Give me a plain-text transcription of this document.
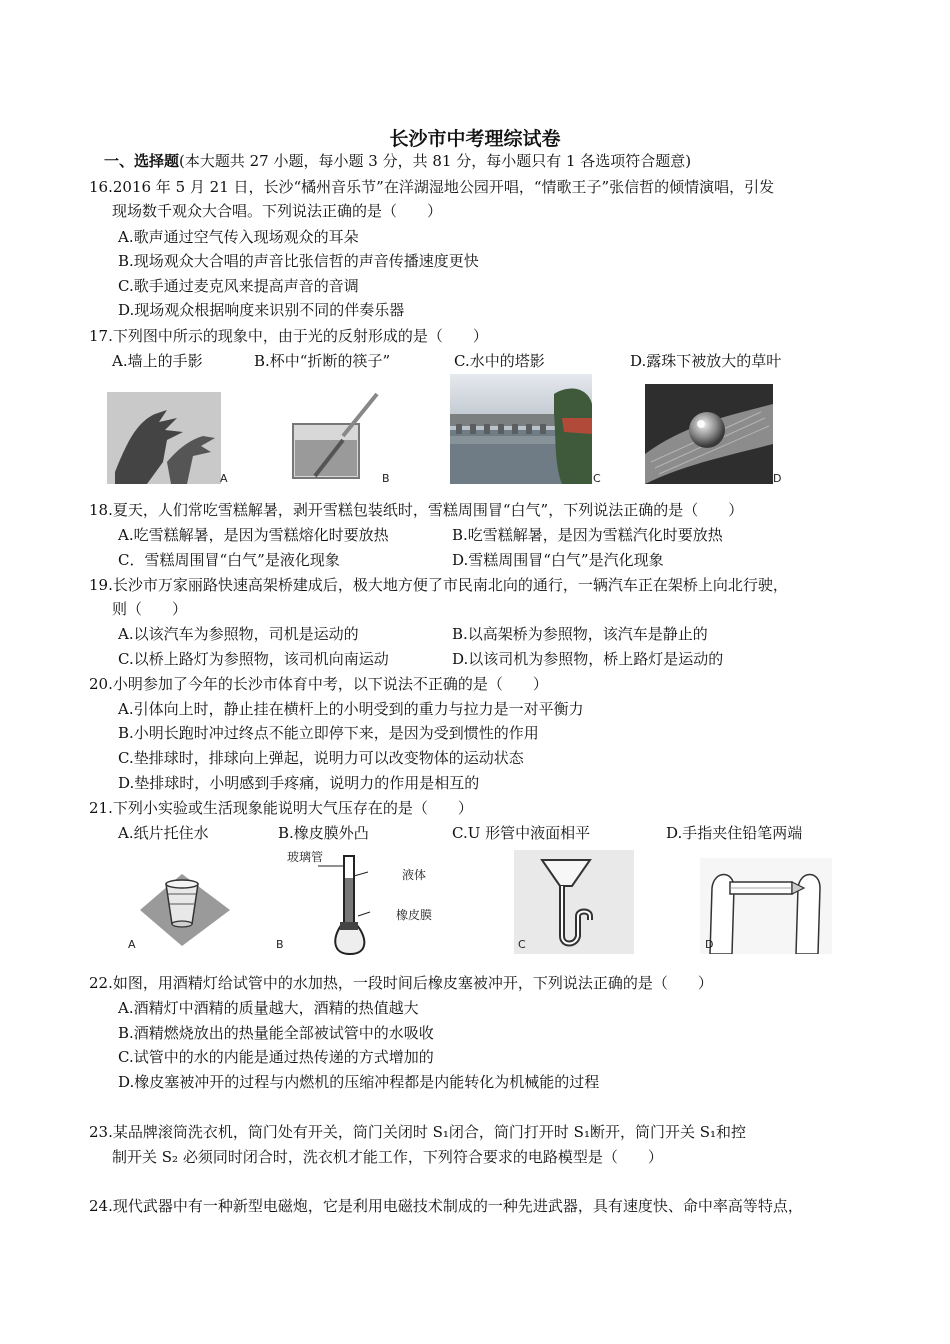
长沙市中考理综试卷
一、选择题(本大题共 27 小题，每小题 3 分，共 81 分，每小题只有 1 各选项符合题意)
16.2016 年 5 月 21 日，长沙“橘州音乐节”在洋湖湿地公园开唱，“情歌王子”张信哲的倾情演唱，引发
现场数千观众大合唱。下列说法正确的是（　　）
A.歌声通过空气传入现场观众的耳朵
B.现场观众大合唱的声音比张信哲的声音传播速度更快
C.歌手通过麦克风来提高声音的音调
D.现场观众根据响度来识别不同的伴奏乐器
17.下列图中所示的现象中，由于光的反射形成的是（　　）
A.墙上的手影	B.杯中“折断的筷子”	C.水中的塔影	D.露珠下被放大的草叶
A	B	C	D
18.夏天，人们常吃雪糕解暑，剥开雪糕包装纸时，雪糕周围冒“白气”，下列说法正确的是（　　）
A.吃雪糕解暑，是因为雪糕熔化时要放热	B.吃雪糕解暑，是因为雪糕汽化时要放热
C．雪糕周围冒“白气”是液化现象	D.雪糕周围冒“白气”是汽化现象
19.长沙市万家丽路快速高架桥建成后，极大地方便了市民南北向的通行，一辆汽车正在架桥上向北行驶，
则（　　）
A.以该汽车为参照物，司机是运动的	B.以高架桥为参照物，该汽车是静止的
C.以桥上路灯为参照物，该司机向南运动	D.以该司机为参照物，桥上路灯是运动的
20.小明参加了今年的长沙市体育中考，以下说法不正确的是（　　）
A.引体向上时，静止挂在横杆上的小明受到的重力与拉力是一对平衡力
B.小明长跑时冲过终点不能立即停下来，是因为受到惯性的作用
C.垫排球时，排球向上弹起，说明力可以改变物体的运动状态
D.垫排球时，小明感到手疼痛，说明力的作用是相互的
21.下列小实验或生活现象能说明大气压存在的是（　　）
A.纸片托住水	B.橡皮膜外凸	C.U 形管中液面相平	D.手指夹住铅笔两端
A
玻璃管
液体
橡皮膜
B	C	D
22.如图，用酒精灯给试管中的水加热，一段时间后橡皮塞被冲开，下列说法正确的是（　　）
A.酒精灯中酒精的质量越大，酒精的热值越大
B.酒精燃烧放出的热量能全部被试管中的水吸收
C.试管中的水的内能是通过热传递的方式增加的
D.橡皮塞被冲开的过程与内燃机的压缩冲程都是内能转化为机械能的过程
23.某品牌滚筒洗衣机，筒门处有开关，筒门关闭时 S₁闭合，筒门打开时 S₁断开，筒门开关 S₁和控
制开关 S₂ 必须同时闭合时，洗衣机才能工作，下列符合要求的电路模型是（　　）
24.现代武器中有一种新型电磁炮，它是利用电磁技术制成的一种先进武器，具有速度快、命中率高等特点，
